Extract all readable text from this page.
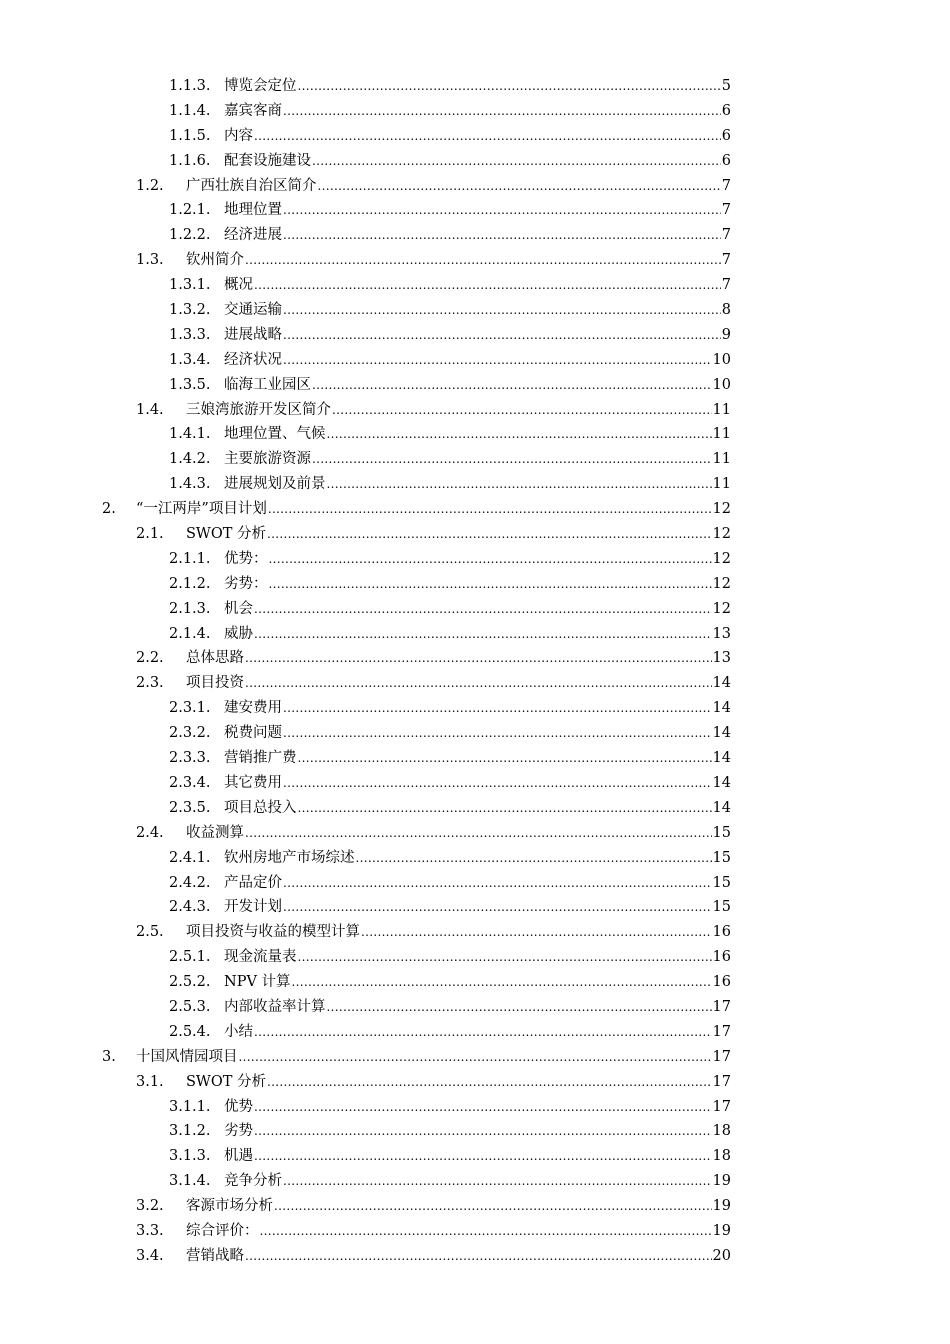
1.1.3. 博览会定位 .....	5
1.1.4. 嘉宾客商 .....	6
1.1.5. 内容 .....	6
1.1.6. 配套设施建设 .....	6
1.2. 广西壮族自治区简介 .....	7
1.2.1. 地理位置 .....	7
1.2.2. 经济进展 .....	7
1.3. 钦州简介 .....	7
1.3.1. 概况 .....	7
1.3.2. 交通运输 .....	8
1.3.3. 进展战略 .....	9
1.3.4. 经济状况 .....	10
1.3.5. 临海工业园区 .....	10
1.4. 三娘湾旅游开发区简介 .....	11
1.4.1. 地理位置、气候 .....	11
1.4.2. 主要旅游资源 .....	11
1.4.3. 进展规划及前景 .....	11
2. “一江两岸”项目计划 .....	12
2.1. SWOT 分析 .....	12
2.1.1. 优势： .....	12
2.1.2. 劣势： .....	12
2.1.3. 机会 .....	12
2.1.4. 威胁 .....	13
2.2. 总体思路 .....	13
2.3. 项目投资 .....	14
2.3.1. 建安费用 .....	14
2.3.2. 税费问题 .....	14
2.3.3. 营销推广费 .....	14
2.3.4. 其它费用 .....	14
2.3.5. 项目总投入 .....	14
2.4. 收益测算 .....	15
2.4.1. 钦州房地产市场综述 .....	15
2.4.2. 产品定价 .....	15
2.4.3. 开发计划 .....	15
2.5. 项目投资与收益的模型计算 .....	16
2.5.1. 现金流量表 .....	16
2.5.2. NPV 计算 .....	16
2.5.3. 内部收益率计算 .....	17
2.5.4. 小结 .....	17
3. 十国风情园项目 .....	17
3.1. SWOT 分析 .....	17
3.1.1. 优势 .....	17
3.1.2. 劣势 .....	18
3.1.3. 机遇 .....	18
3.1.4. 竞争分析 .....	19
3.2. 客源市场分析 .....	19
3.3. 综合评价： .....	19
3.4. 营销战略 .....	20
